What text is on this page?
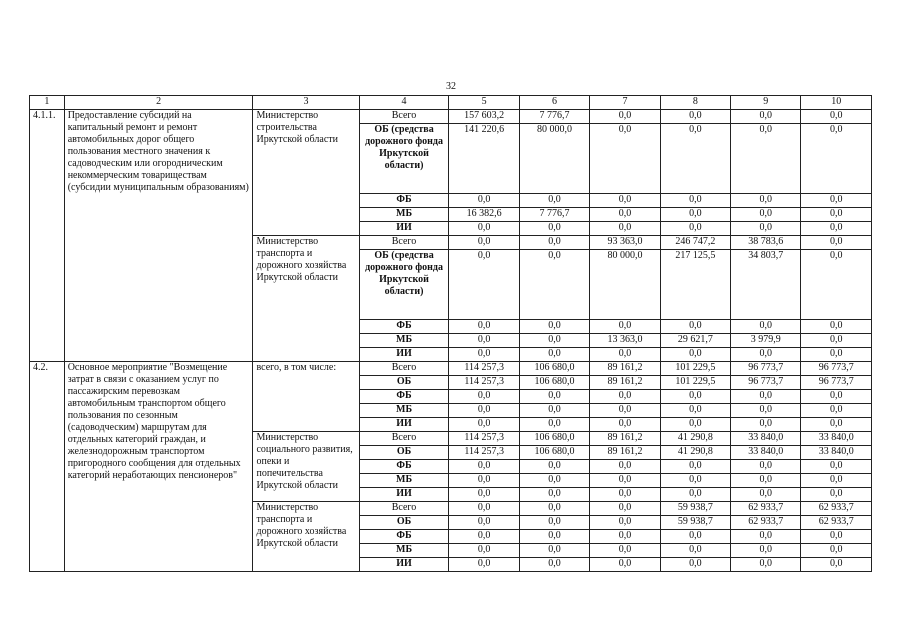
32
1	2	3	4	5	6	7	8	9	10
4.1.1.	Предоставление субсидий на капитальный ремонт и ремонт автомобильных дорог общего пользования местного значения к садоводческим или огородническим некоммерческим товариществам (субсидии муниципальным образованиям)	Министерство строительства Иркутской области	Всего	157 603,2	7 776,7	0,0	0,0	0,0	0,0
			ОБ (средства дорожного фонда Иркутской области)	141 220,6	80 000,0	0,0	0,0	0,0	0,0
			ФБ	0,0	0,0	0,0	0,0	0,0	0,0
			МБ	16 382,6	7 776,7	0,0	0,0	0,0	0,0
			ИИ	0,0	0,0	0,0	0,0	0,0	0,0
		Министерство транспорта и дорожного хозяйства Иркутской области	Всего	0,0	0,0	93 363,0	246 747,2	38 783,6	0,0
			ОБ (средства дорожного фонда Иркутской области)	0,0	0,0	80 000,0	217 125,5	34 803,7	0,0
			ФБ	0,0	0,0	0,0	0,0	0,0	0,0
			МБ	0,0	0,0	13 363,0	29 621,7	3 979,9	0,0
			ИИ	0,0	0,0	0,0	0,0	0,0	0,0
4.2.	Основное мероприятие "Возмещение затрат в связи с оказанием услуг по пассажирским перевозкам автомобильным транспортом общего пользования по сезонным (садоводческим) маршрутам для отдельных категорий граждан, и железнодорожным транспортом пригородного сообщения для отдельных категорий неработающих пенсионеров"	всего, в том числе:	Всего	114 257,3	106 680,0	89 161,2	101 229,5	96 773,7	96 773,7
			ОБ	114 257,3	106 680,0	89 161,2	101 229,5	96 773,7	96 773,7
			ФБ	0,0	0,0	0,0	0,0	0,0	0,0
			МБ	0,0	0,0	0,0	0,0	0,0	0,0
			ИИ	0,0	0,0	0,0	0,0	0,0	0,0
		Министерство социального развития, опеки и попечительства Иркутской области	Всего	114 257,3	106 680,0	89 161,2	41 290,8	33 840,0	33 840,0
			ОБ	114 257,3	106 680,0	89 161,2	41 290,8	33 840,0	33 840,0
			ФБ	0,0	0,0	0,0	0,0	0,0	0,0
			МБ	0,0	0,0	0,0	0,0	0,0	0,0
			ИИ	0,0	0,0	0,0	0,0	0,0	0,0
		Министерство транспорта и дорожного хозяйства Иркутской области	Всего	0,0	0,0	0,0	59 938,7	62 933,7	62 933,7
			ОБ	0,0	0,0	0,0	59 938,7	62 933,7	62 933,7
			ФБ	0,0	0,0	0,0	0,0	0,0	0,0
			МБ	0,0	0,0	0,0	0,0	0,0	0,0
			ИИ	0,0	0,0	0,0	0,0	0,0	0,0
